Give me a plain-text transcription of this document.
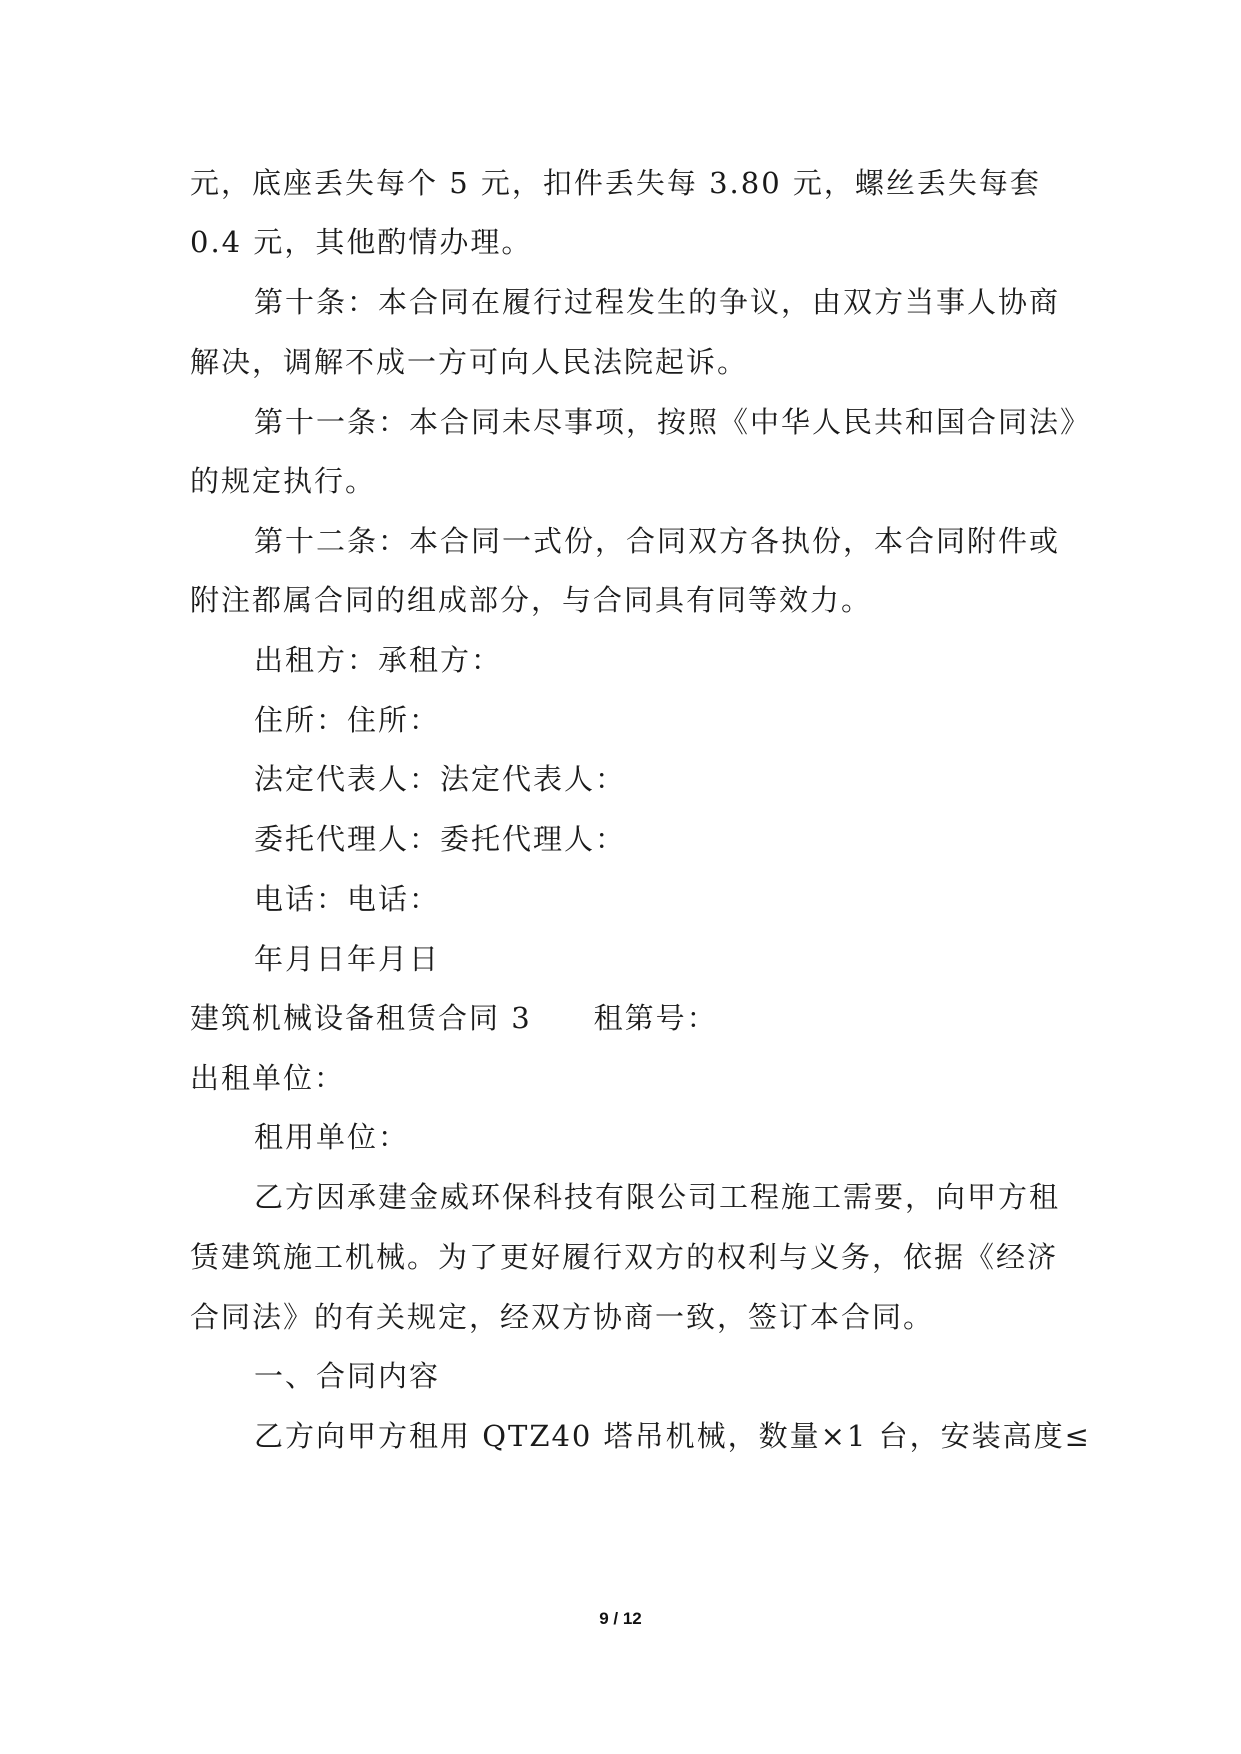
元，底座丢失每个 5 元，扣件丢失每 3.80 元，螺丝丢失每套
0.4 元，其他酌情办理。
第十条：本合同在履行过程发生的争议，由双方当事人协商
解决，调解不成一方可向人民法院起诉。
第十一条：本合同未尽事项，按照《中华人民共和国合同法》
的规定执行。
第十二条：本合同一式份，合同双方各执份，本合同附件或
附注都属合同的组成部分，与合同具有同等效力。
出租方：承租方：
住所：住所：
法定代表人：法定代表人：
委托代理人：委托代理人：
电话：电话：
年月日年月日
建筑机械设备租赁合同 3　　租第号：
出租单位：
租用单位：
乙方因承建金威环保科技有限公司工程施工需要，向甲方租
赁建筑施工机械。为了更好履行双方的权利与义务，依据《经济
合同法》的有关规定，经双方协商一致，签订本合同。
一、合同内容
乙方向甲方租用 QTZ40 塔吊机械，数量×1 台，安装高度≤
9 / 12
